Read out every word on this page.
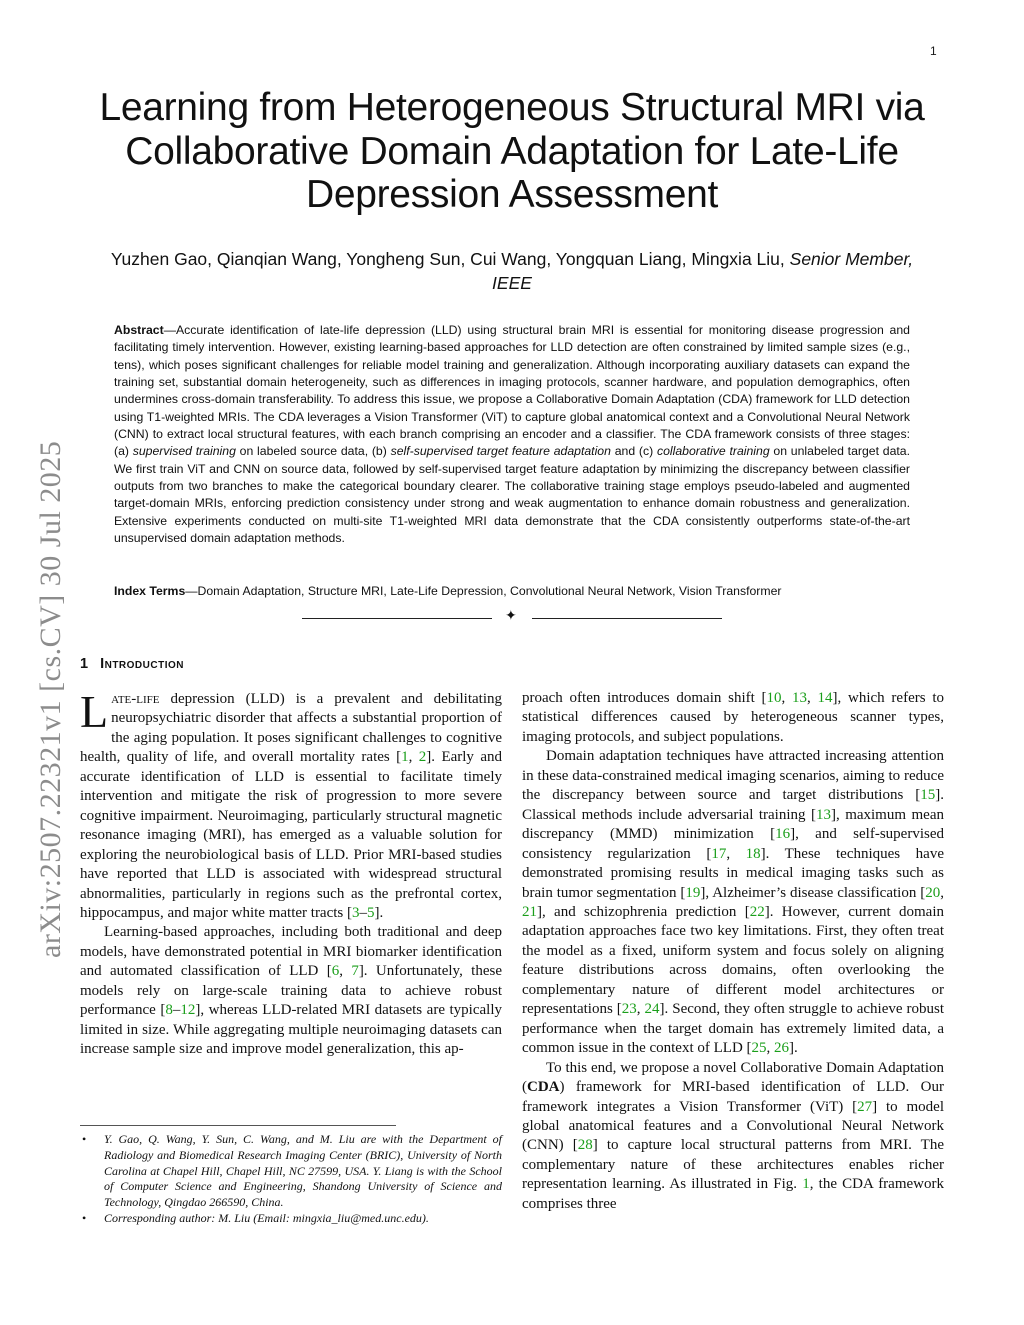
1
arXiv:2507.22321v1 [cs.CV] 30 Jul 2025
Learning from Heterogeneous Structural MRI via
Collaborative Domain Adaptation for Late-Life
Depression Assessment
Yuzhen Gao, Qianqian Wang, Yongheng Sun, Cui Wang, Yongquan Liang, Mingxia Liu, Senior Member, IEEE
Abstract—Accurate identification of late-life depression (LLD) using structural brain MRI is essential for monitoring disease progression and facilitating timely intervention. However, existing learning-based approaches for LLD detection are often constrained by limited sample sizes (e.g., tens), which poses significant challenges for reliable model training and generalization. Although incorporating auxiliary datasets can expand the training set, substantial domain heterogeneity, such as differences in imaging protocols, scanner hardware, and population demographics, often undermines cross-domain transferability. To address this issue, we propose a Collaborative Domain Adaptation (CDA) framework for LLD detection using T1-weighted MRIs. The CDA leverages a Vision Transformer (ViT) to capture global anatomical context and a Convolutional Neural Network (CNN) to extract local structural features, with each branch comprising an encoder and a classifier. The CDA framework consists of three stages: (a) supervised training on labeled source data, (b) self-supervised target feature adaptation and (c) collaborative training on unlabeled target data. We first train ViT and CNN on source data, followed by self-supervised target feature adaptation by minimizing the discrepancy between classifier outputs from two branches to make the categorical boundary clearer. The collaborative training stage employs pseudo-labeled and augmented target-domain MRIs, enforcing prediction consistency under strong and weak augmentation to enhance domain robustness and generalization. Extensive experiments conducted on multi-site T1-weighted MRI data demonstrate that the CDA consistently outperforms state-of-the-art unsupervised domain adaptation methods.
Index Terms—Domain Adaptation, Structure MRI, Late-Life Depression, Convolutional Neural Network, Vision Transformer
✦
1 Introduction

Late-life depression (LLD) is a prevalent and debilitating neuropsychiatric disorder that affects a substantial proportion of the aging population. It poses significant challenges to cognitive health, quality of life, and overall mortality rates [1, 2]. Early and accurate identification of LLD is essential to facilitate timely intervention and mitigate the risk of progression to more severe cognitive impairment. Neuroimaging, particularly structural magnetic resonance imaging (MRI), has emerged as a valuable solution for exploring the neurobiological basis of LLD. Prior MRI-based studies have reported that LLD is associated with widespread structural abnormalities, particularly in regions such as the prefrontal cortex, hippocampus, and major white matter tracts [3–5].

Learning-based approaches, including both traditional and deep models, have demonstrated potential in MRI biomarker identification and automated classification of LLD [6, 7]. Unfortunately, these models rely on large-scale training data to achieve robust performance [8–12], whereas LLD-related MRI datasets are typically limited in size. While aggregating multiple neuroimaging datasets can increase sample size and improve model generalization, this ap-

• Y. Gao, Q. Wang, Y. Sun, C. Wang, and M. Liu are with the Department of Radiology and Biomedical Research Imaging Center (BRIC), University of North Carolina at Chapel Hill, Chapel Hill, NC 27599, USA. Y. Liang is with the School of Computer Science and Engineering, Shandong University of Science and Technology, Qingdao 266590, China.
• Corresponding author: M. Liu (Email: mingxia_liu@med.unc.edu).

proach often introduces domain shift [10, 13, 14], which refers to statistical differences caused by heterogeneous scanner types, imaging protocols, and subject populations.

Domain adaptation techniques have attracted increasing attention in these data-constrained medical imaging scenarios, aiming to reduce the discrepancy between source and target distributions [15]. Classical methods include adversarial training [13], maximum mean discrepancy (MMD) minimization [16], and self-supervised consistency regularization [17, 18]. These techniques have demonstrated promising results in medical imaging tasks such as brain tumor segmentation [19], Alzheimer’s disease classification [20, 21], and schizophrenia prediction [22]. However, current domain adaptation approaches face two key limitations. First, they often treat the model as a fixed, uniform system and focus solely on aligning feature distributions across domains, often overlooking the complementary nature of different model architectures or representations [23, 24]. Second, they often struggle to achieve robust performance when the target domain has extremely limited data, a common issue in the context of LLD [25, 26].

To this end, we propose a novel Collaborative Domain Adaptation (CDA) framework for MRI-based identification of LLD. Our framework integrates a Vision Transformer (ViT) [27] to model global anatomical features and a Convolutional Neural Network (CNN) [28] to capture local structural patterns from MRI. The complementary nature of these architectures enables richer representation learning. As illustrated in Fig. 1, the CDA framework comprises three
